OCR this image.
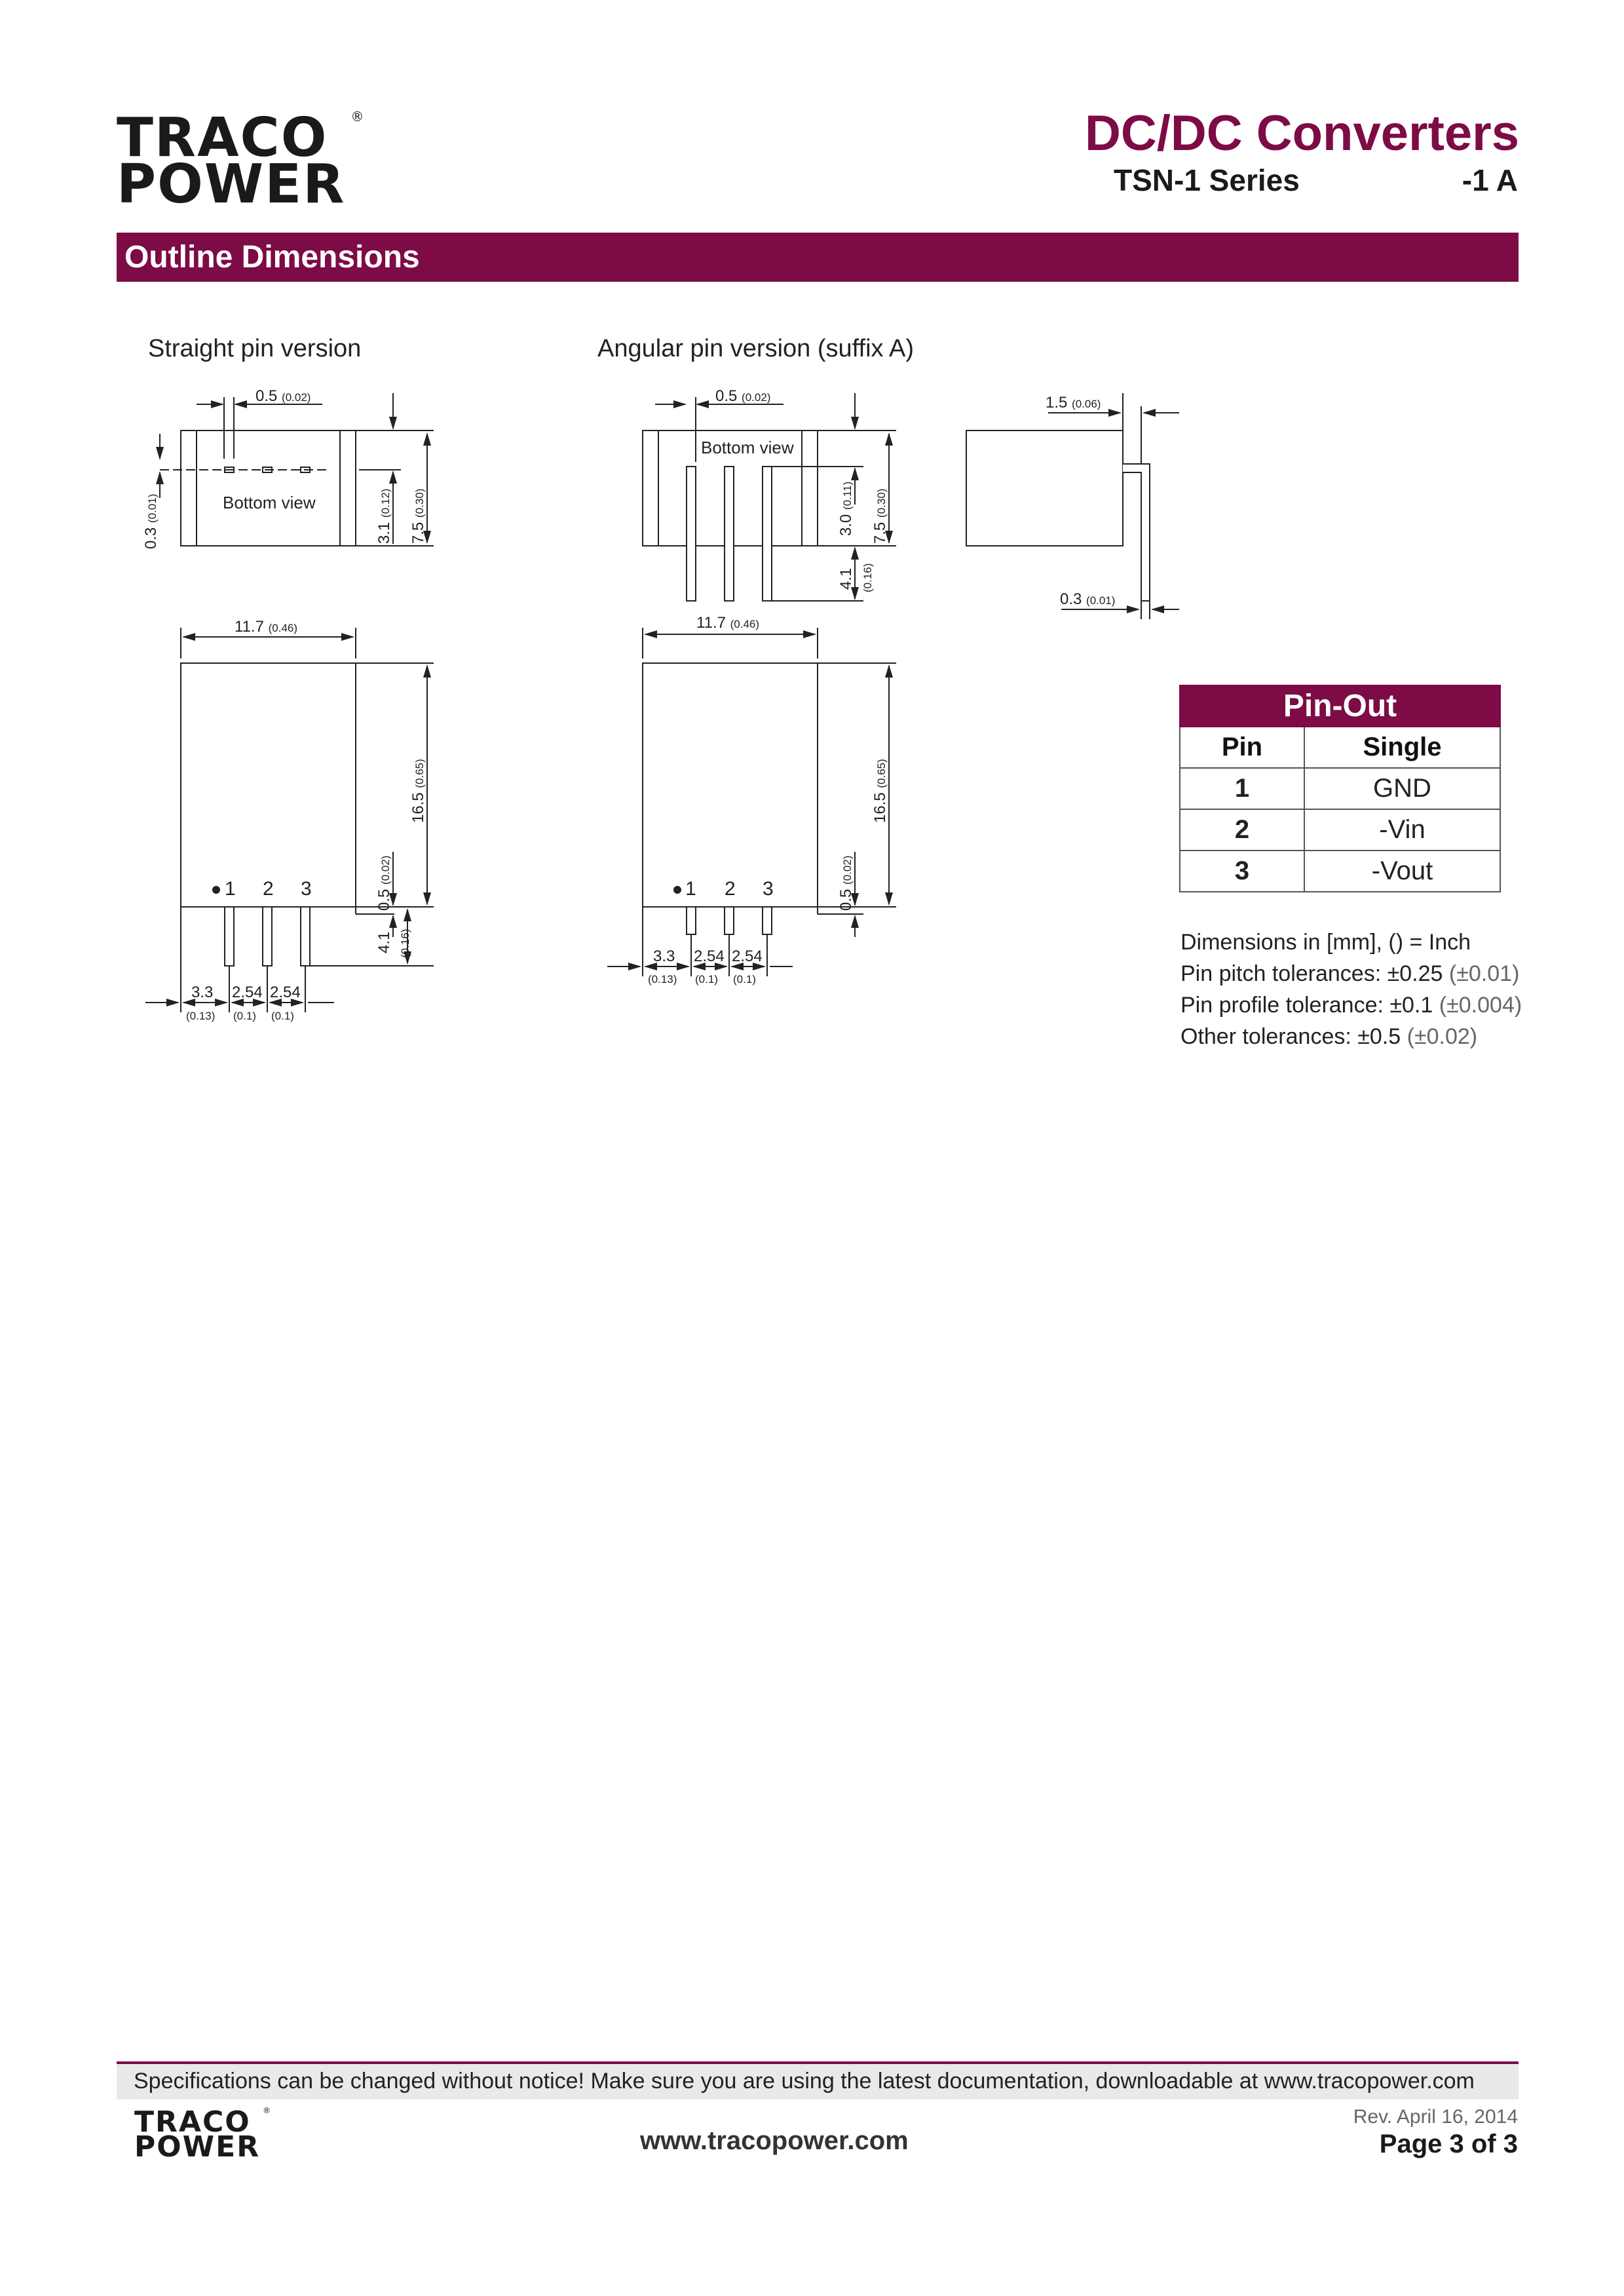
TRACO
POWER
®	DC/DC Converters
TSN-1 Series	-1 A
Outline Dimensions
Straight pin version
0.5 (0.02)
Bottom view
0.3 (0.01)
3.1 (0.12)
7.5 (0.30)
11.7 (0.46)
16.5 (0.65)
0.5 (0.02)
4.1 (0.16)
1 2 3
3.3 2.54 2.54
(0.13) (0.1) (0.1)
Angular pin version (suffix A)
0.5 (0.02)
Bottom view
3.0 (0.11)
7.5 (0.30)
4.1 (0.16)
1.5 (0.06)
0.3 (0.01)
11.7 (0.46)
16.5 (0.65)
0.5 (0.02)
1 2 3
3.3 2.54 2.54
(0.13) (0.1) (0.1)
Pin-Out	
Pin	Single
1	GND
2	-Vin
3	-Vout
Dimensions in [mm], () = Inch
Pin pitch tolerances: ±0.25 (±0.01)
Pin profile tolerance: ±0.1 (±0.004)
Other tolerances: ±0.5 (±0.02)
Specifications can be changed without notice! Make sure you are using the latest documentation, downloadable at www.tracopower.com
TRACO
POWER
®
www.tracopower.com
Rev. April 16, 2014
Page 3 of 3
